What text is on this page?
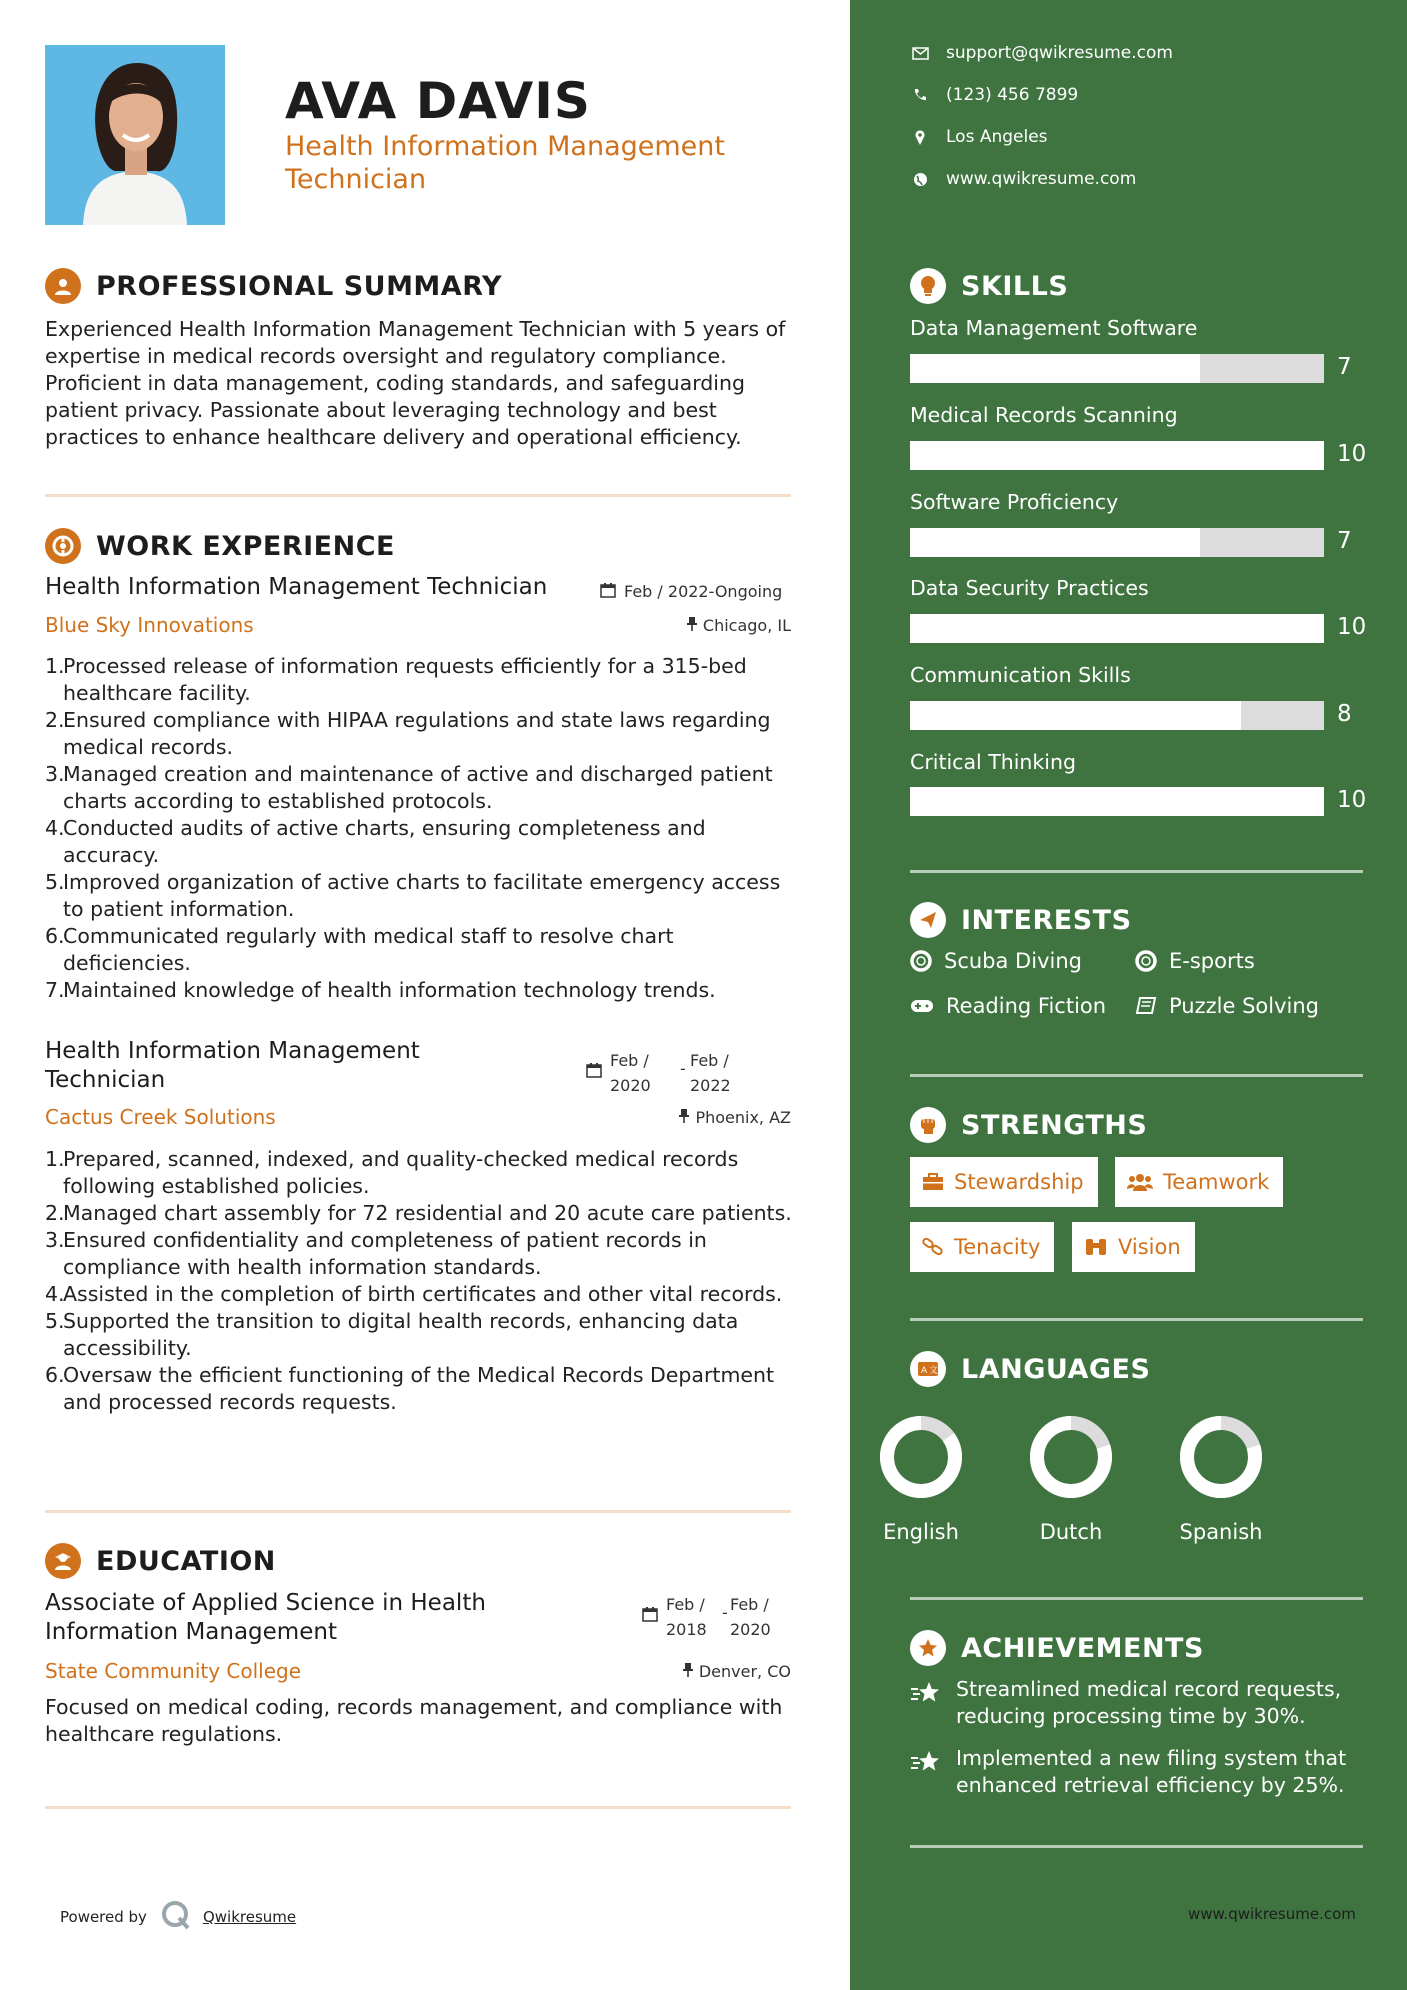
AVA DAVIS
Health Information Management Technician
PROFESSIONAL SUMMARY
Experienced Health Information Management Technician with 5 years of expertise in medical records oversight and regulatory compliance. Proficient in data management, coding standards, and safeguarding patient privacy. Passionate about leveraging technology and best practices to enhance healthcare delivery and operational efficiency.
WORK EXPERIENCE
Health Information Management Technician	Feb / 2022-Ongoing
Blue Sky Innovations	Chicago, IL
1.
Processed release of information requests efficiently for a 315-bed healthcare facility.
2.
Ensured compliance with HIPAA regulations and state laws regarding medical records.
3.
Managed creation and maintenance of active and discharged patient charts according to established protocols.
4.
Conducted audits of active charts, ensuring completeness and accuracy.
5.
Improved organization of active charts to facilitate emergency access to patient information.
6.
Communicated regularly with medical staff to resolve chart deficiencies.
7.
Maintained knowledge of health information technology trends.
Health Information Management Technician
Feb / 2020
- Feb / 2022
Cactus Creek Solutions	Phoenix, AZ
1.
Prepared, scanned, indexed, and quality-checked medical records following established policies.
2.
Managed chart assembly for 72 residential and 20 acute care patients.
3.
Ensured confidentiality and completeness of patient records in compliance with health information standards.
4.
Assisted in the completion of birth certificates and other vital records.
5.
Supported the transition to digital health records, enhancing data accessibility.
6.
Oversaw the efficient functioning of the Medical Records Department and processed records requests.
EDUCATION
Associate of Applied Science in Health Information Management
Feb / 2018
- Feb / 2020
State Community College	Denver, CO
Focused on medical coding, records management, and compliance with healthcare regulations.
Powered by	Qwikresume
support@qwikresume.com
(123) 456 7899
Los Angeles
www.qwikresume.com
SKILLS
Data Management Software
7
Medical Records Scanning
10
Software Proficiency
7
Data Security Practices
10
Communication Skills
8
Critical Thinking
10
INTERESTS
Scuba Diving	E-sports
Reading Fiction	Puzzle Solving
STRENGTHS
Stewardship	Teamwork
Tenacity	Vision
A 文 LANGUAGES
English	Dutch	Spanish
ACHIEVEMENTS
Streamlined medical record requests, reducing processing time by 30%.
Implemented a new filing system that enhanced retrieval efficiency by 25%.
www.qwikresume.com
